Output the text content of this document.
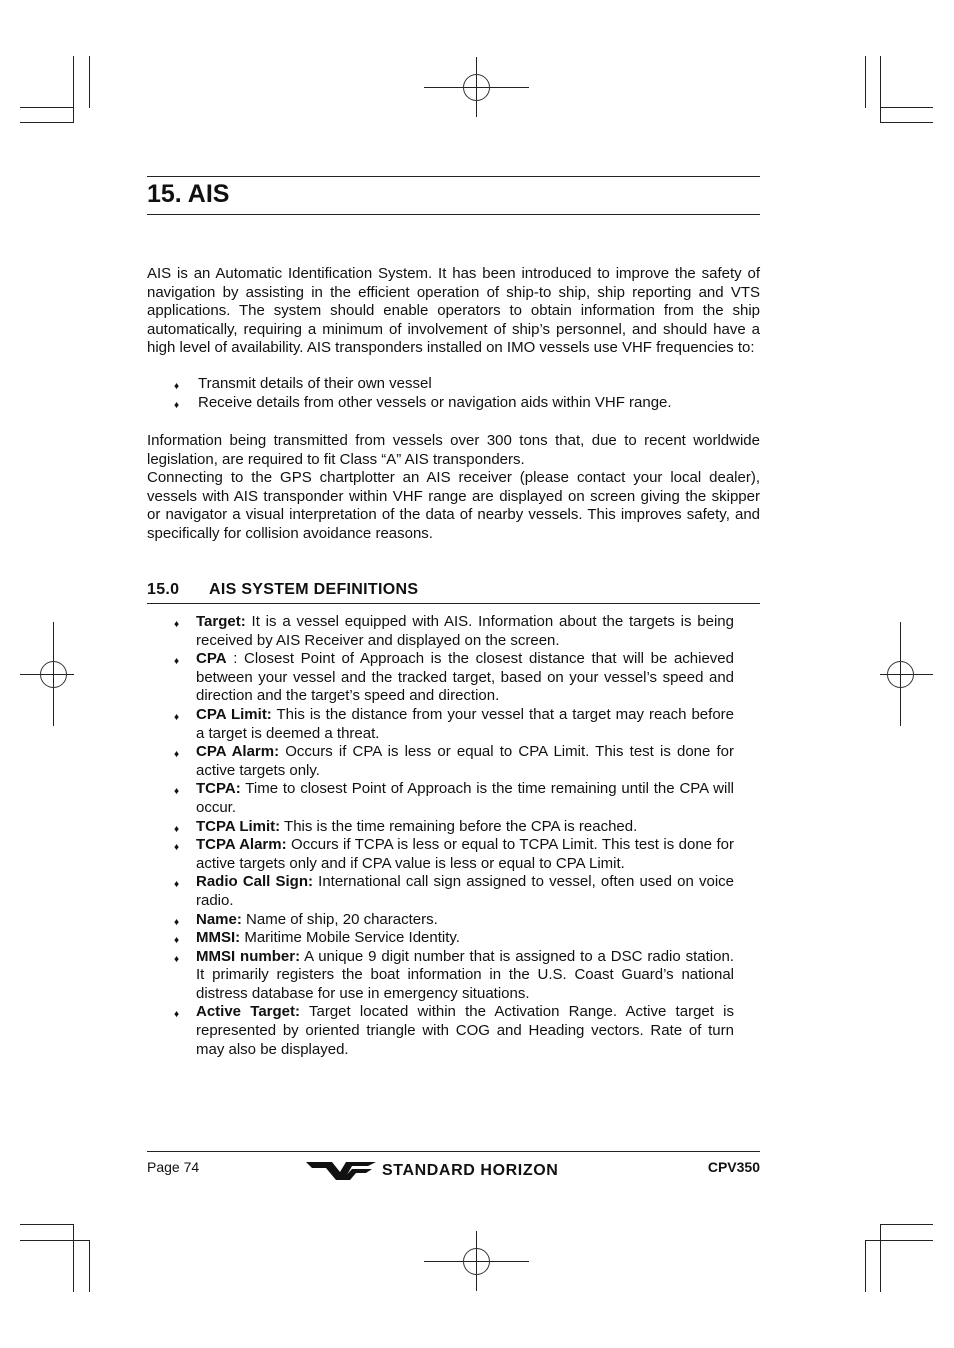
15. AIS

AIS is an Automatic Identification System. It has been introduced to improve the safety of navigation by assisting in the efficient operation of ship-to ship, ship reporting and VTS applications. The system should enable operators to obtain information from the ship automatically, requiring a minimum of involvement of ship’s personnel, and should have a high level of availability. AIS transponders installed on IMO vessels use VHF frequencies to:

♦ Transmit details of their own vessel
♦ Receive details from other vessels or navigation aids within VHF range.

Information being transmitted from vessels over 300 tons that, due to recent worldwide legislation, are required to fit Class “A” AIS transponders.

Connecting to the GPS chartplotter an AIS receiver (please contact your local dealer), vessels with AIS transponder within VHF range are displayed on screen giving the skipper or navigator a visual interpretation of the data of nearby vessels. This improves safety, and specifically for collision avoidance reasons.

15.0 AIS SYSTEM DEFINITIONS
♦ Target: It is a vessel equipped with AIS. Information about the targets is being received by AIS Receiver and displayed on the screen.
♦ CPA : Closest Point of Approach is the closest distance that will be achieved between your vessel and the tracked target, based on your vessel’s speed and direction and the target’s speed and direction.
♦ CPA Limit: This is the distance from your vessel that a target may reach before a target is deemed a threat.
♦ CPA Alarm: Occurs if CPA is less or equal to CPA Limit. This test is done for active targets only.
♦ TCPA: Time to closest Point of Approach is the time remaining until the CPA will occur.
♦ TCPA Limit: This is the time remaining before the CPA is reached.
♦ TCPA Alarm: Occurs if TCPA is less or equal to TCPA Limit. This test is done for active targets only and if CPA value is less or equal to CPA Limit.
♦ Radio Call Sign: International call sign assigned to vessel, often used on voice radio.
♦ Name: Name of ship, 20 characters.
♦ MMSI: Maritime Mobile Service Identity.
♦ MMSI number: A unique 9 digit number that is assigned to a DSC radio station. It primarily registers the boat information in the U.S. Coast Guard’s national distress database for use in emergency situations.
♦ Active Target: Target located within the Activation Range. Active target is represented by oriented triangle with COG and Heading vectors. Rate of turn may also be displayed.
Page 74	STANDARD HORIZON	CPV350
